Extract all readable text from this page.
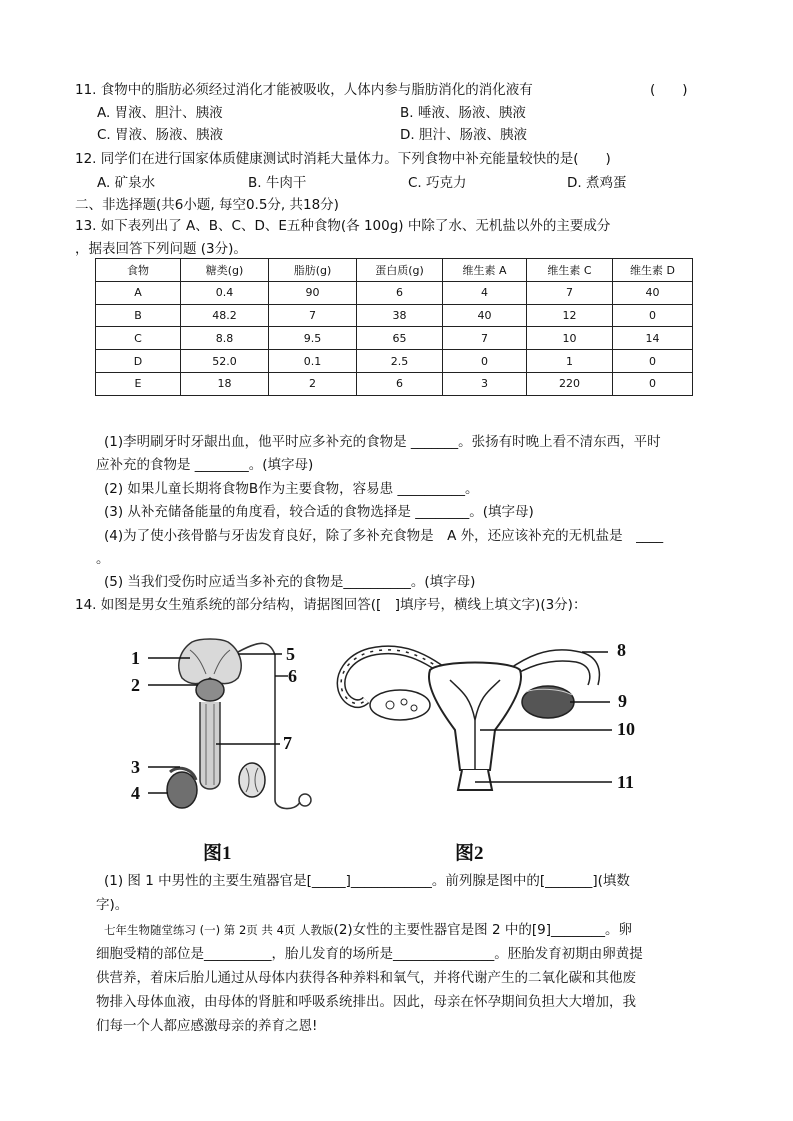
11. 食物中的脂肪必须经过消化才能被吸收，人体内参与脂肪消化的消化液有	(　　)
A. 胃液、胆汁、胰液	B. 唾液、肠液、胰液
C. 胃液、肠液、胰液	D. 胆汁、肠液、胰液
12. 同学们在进行国家体质健康测试时消耗大量体力。下列食物中补充能量较快的是(　　)
A. 矿泉水	B. 牛肉干	C. 巧克力	D. 煮鸡蛋
二、非选择题(共6小题, 每空0.5分, 共18分)
13. 如下表列出了 A、B、C、D、E五种食物(各 100g) 中除了水、无机盐以外的主要成分
，据表回答下列问题 (3分)。
食物	糖类(g)	脂肪(g)	蛋白质(g)	维生素 A	维生素 C	维生素 D
A	0.4	90	6	4	7	40
B	48.2	7	38	40	12	0
C	8.8	9.5	65	7	10	14
D	52.0	0.1	2.5	0	1	0
E	18	2	6	3	220	0
(1)李明刷牙时牙龈出血，他平时应多补充的食物是 _______。张扬有时晚上看不清东西，平时
应补充的食物是 ________。(填字母)
(2) 如果儿童长期将食物B作为主要食物，容易患 __________。
(3) 从补充储备能量的角度看，较合适的食物选择是 ________。(填字母)
(4)为了使小孩骨骼与牙齿发育良好，除了多补充食物是　A 外，还应该补充的无机盐是　____
。
(5) 当我们受伤时应适当多补充的食物是__________。(填字母)
14. 如图是男女生殖系统的部分结构，请据图回答([　]填序号，横线上填文字)(3分)：
1
2
3
4
5
6
7
8
9
10
11
图1	图2
(1) 图 1 中男性的主要生殖器官是[_____]____________。前列腺是图中的[_______](填数
字)。
七年生物随堂练习 (一) 第 2页 共 4页 人教版(2)女性的主要性器官是图 2 中的[9]________。卵
细胞受精的部位是__________，胎儿发育的场所是_______________。胚胎发育初期由卵黄提
供营养，着床后胎儿通过从母体内获得各种养料和氧气，并将代谢产生的二氧化碳和其他废
物排入母体血液，由母体的肾脏和呼吸系统排出。因此，母亲在怀孕期间负担大大增加，我
们每一个人都应感激母亲的养育之恩!
